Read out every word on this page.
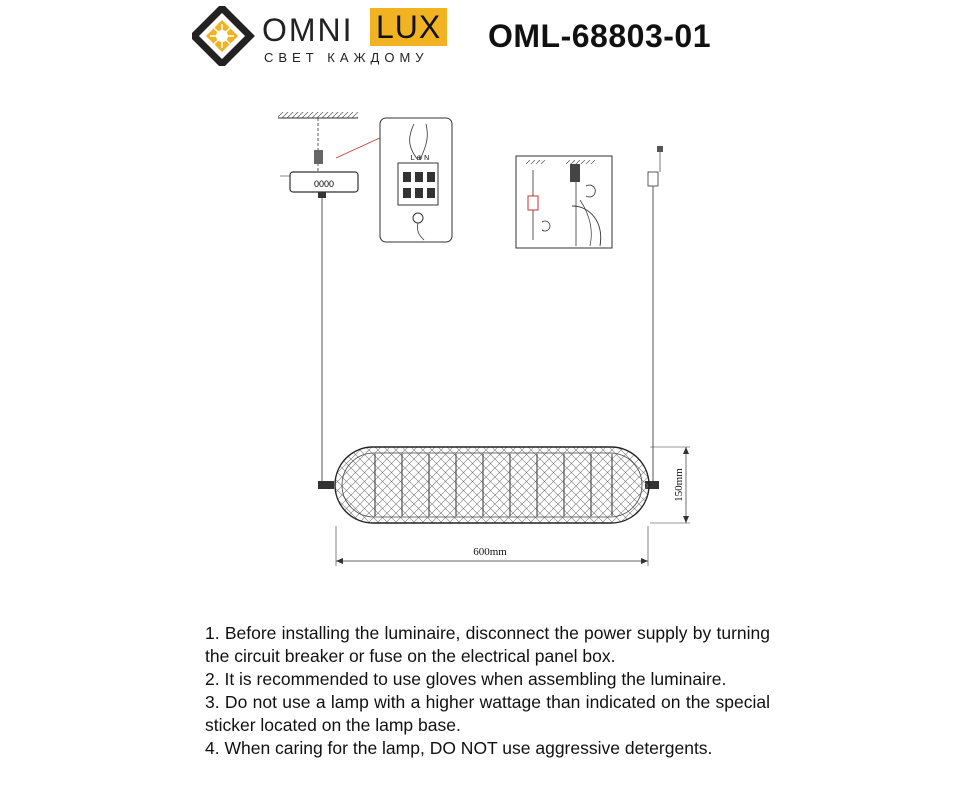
OMNI LUX
СВЕТ КАЖДОМУ
OML-68803-01
0000
L ⊕ N
150mm
600mm

1. Before installing the luminaire, disconnect the power supply by turning the circuit breaker or fuse on the electrical panel box.

2. It is recommended to use gloves when assembling the luminaire.

3. Do not use a lamp with a higher wattage than indicated on the special sticker located on the lamp base.

4. When caring for the lamp, DO NOT use aggressive detergents.
